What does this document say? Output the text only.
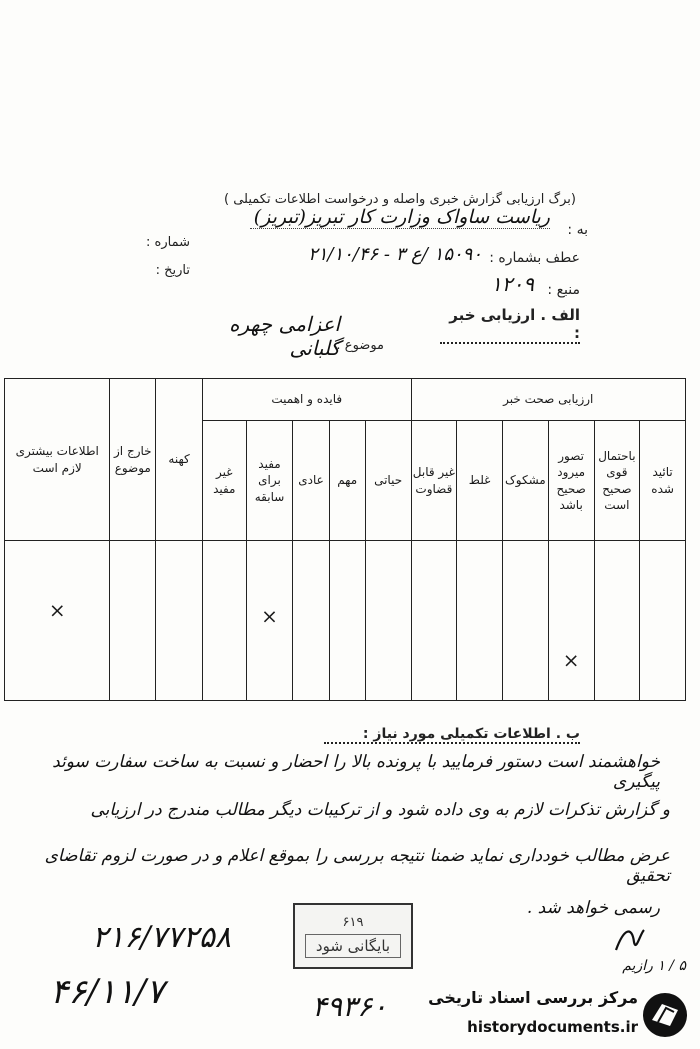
(برگ ارزیابی گزارش خبری واصله و درخواست اطلاعات تکمیلی )
به :
ریاست ساواک وزارت کار تبریز(تبریز)
شماره :
تاریخ :
عطف بشماره :
۱۵۰۹۰ /ع ۳ - ۲۱/۱۰/۴۶
منبع :
۱۲۰۹
الف . ارزیابی خبر :
موضوع :
اعزامی چهره گلبانی
ارزیابی صحت خبر						فایده و اهمیت					کهنه	خارج از موضوع	اطلاعات بیشتری لازم است
تائید شده	باحتمال قوی صحیح است	تصور میرود صحیح باشد	مشکوک	غلط	غیر قابل قضاوت	حیاتی	مهم	عادی	مفید برای سابقه	غیر مفید			
		×							×				×
ب . اطلاعات تکمیلی مورد نیاز :
خواهشمند است دستور فرمایید با پرونده بالا را احضار و نسبت به ساخت سفارت سوئد پیگیری
و گزارش تذکرات لازم به وی داده شود و از ترکیبات دیگر مطالب مندرج در ارزیابی
عرض مطالب خودداری نماید ضمنا نتیجه بررسی را بموقع اعلام و در صورت لزوم تقاضای تحقیق
رسمی خواهد شد .
۲۱۶/۷۷۲۵۸
۴۶/۱۱/۷	۴۹۳۶۰
۶۱۹
بایگانی شود
۵ / ۱ رازیم
مرکز بررسی اسناد تاریخی
historydocuments.ir
